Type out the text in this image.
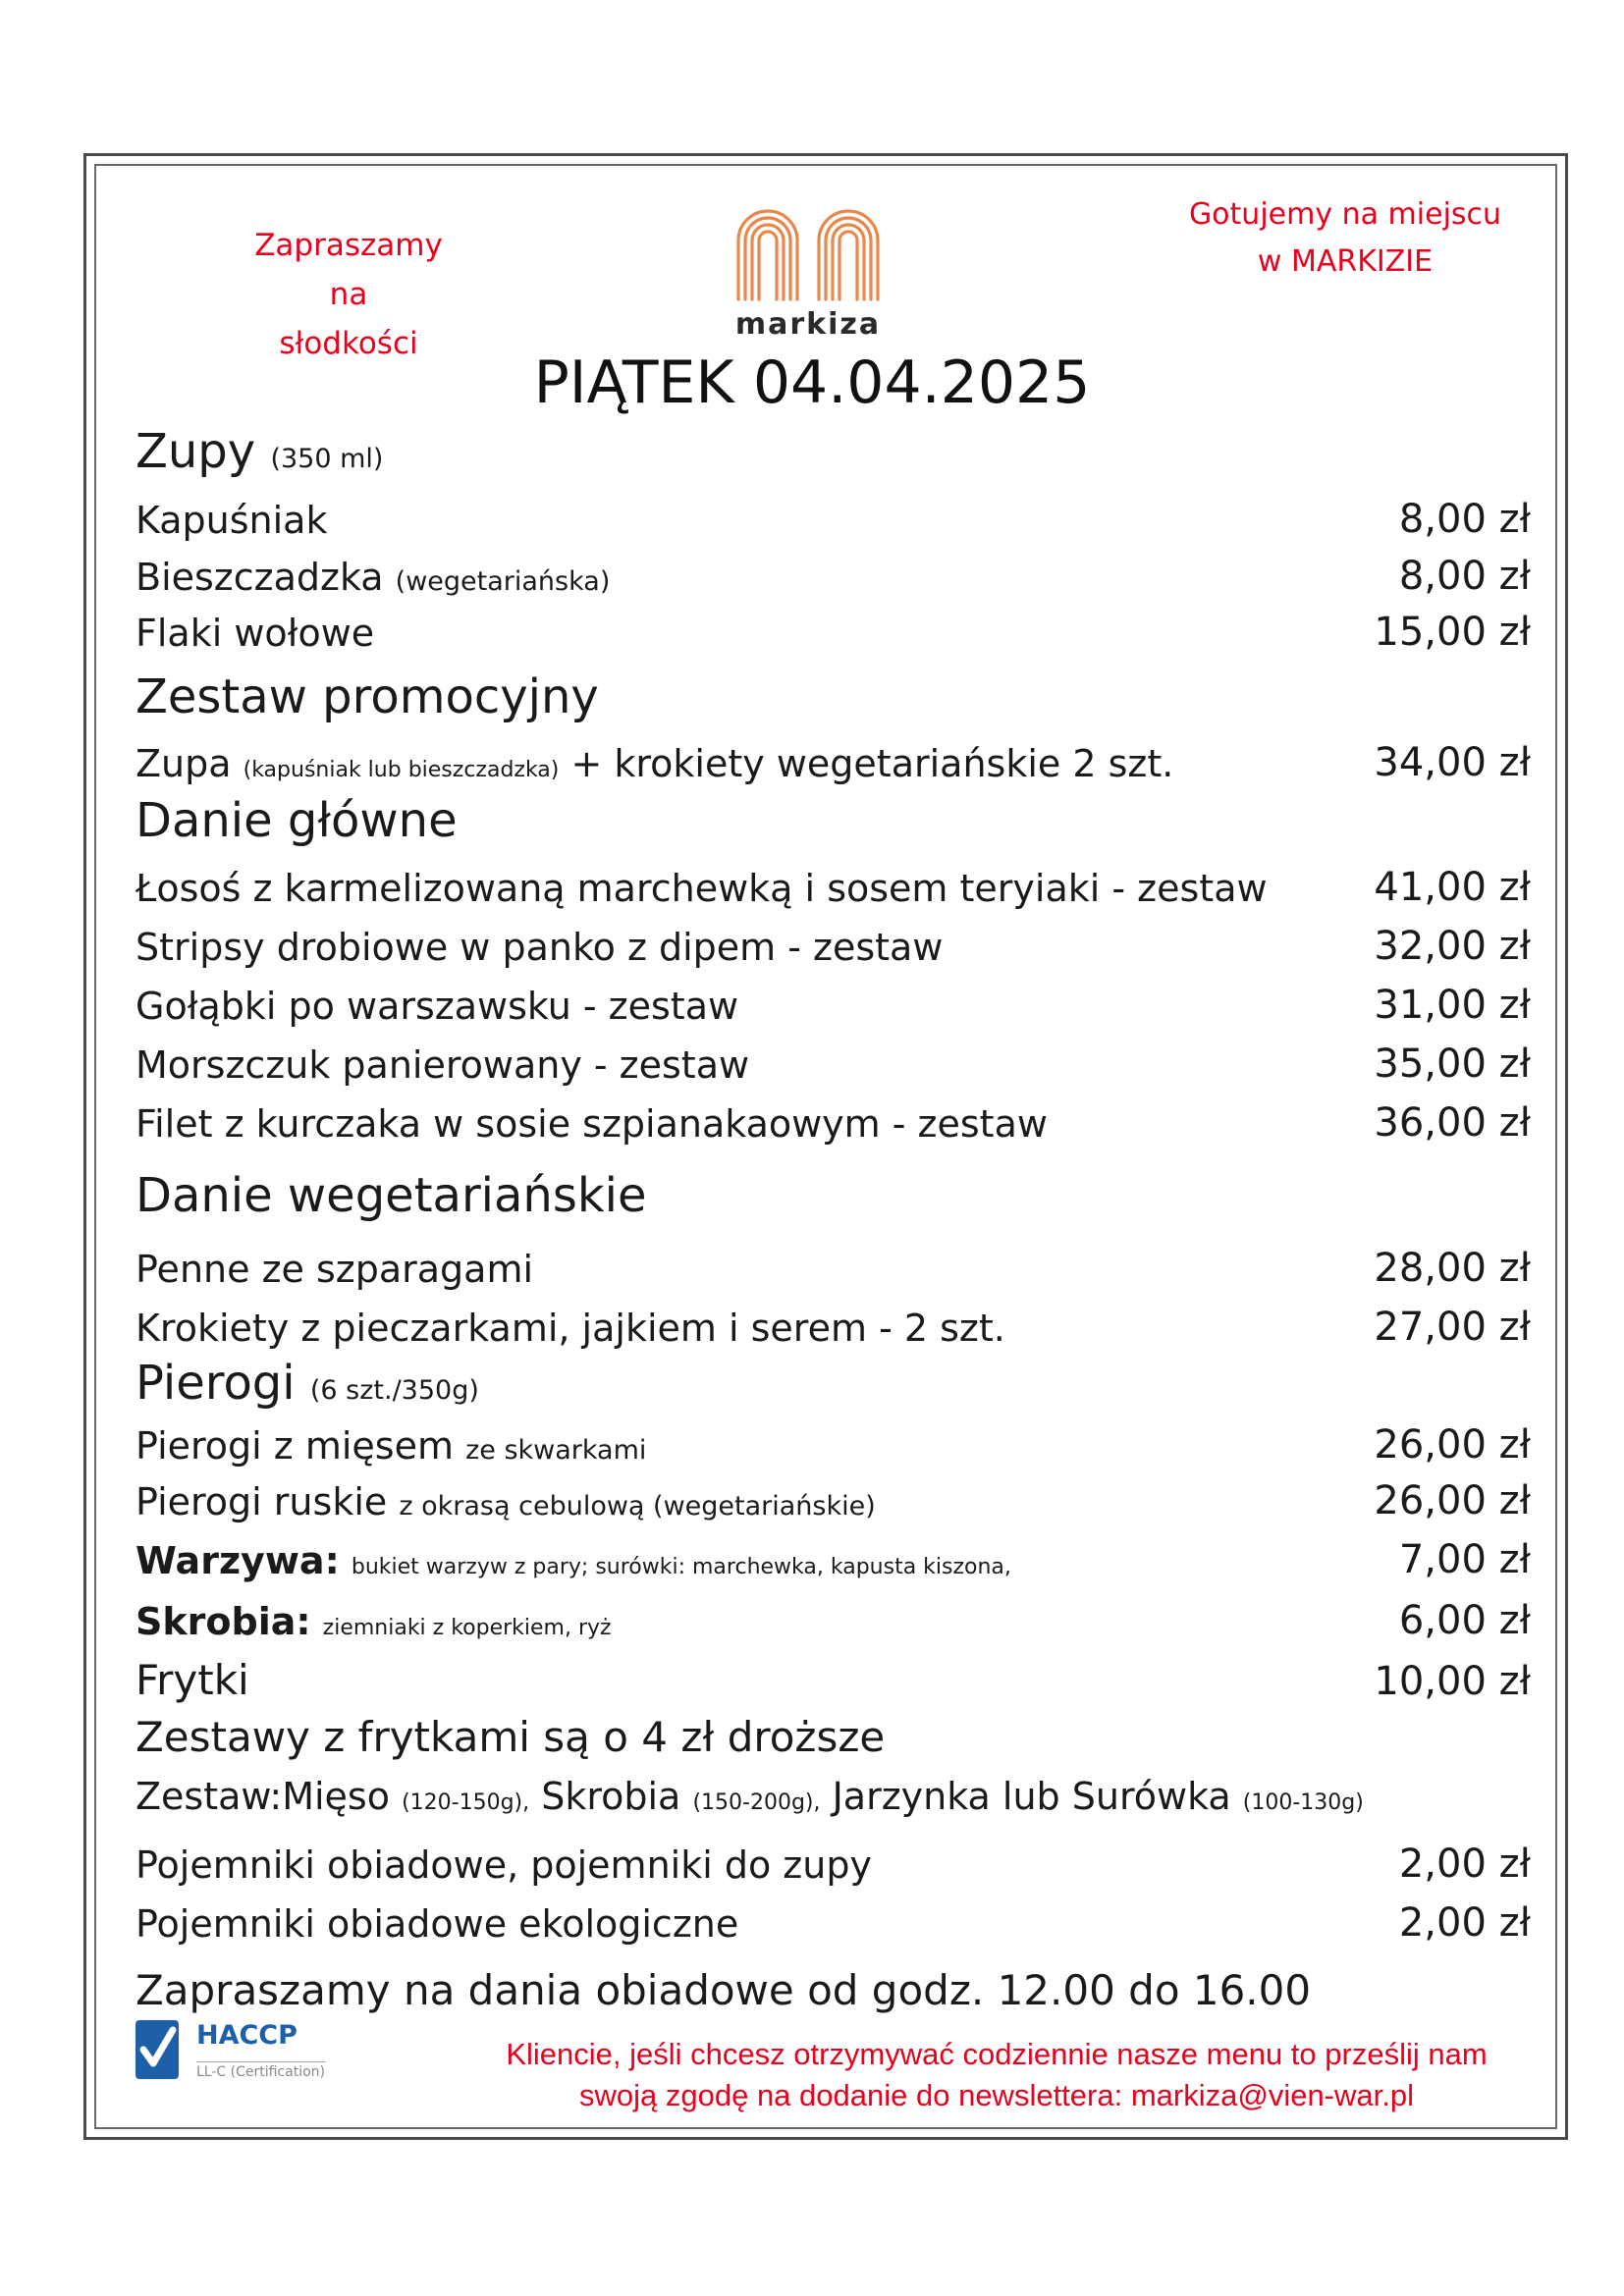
Zapraszamy na
słodkości
markiza
Gotujemy na miejscu
w MARKIZIE
PIĄTEK 04.04.2025
Zupy (350 ml)
Kapuśniak	8,00 zł
Bieszczadzka (wegetariańska)	8,00 zł
Flaki wołowe	15,00 zł
Zestaw promocyjny
Zupa (kapuśniak lub bieszczadzka) + krokiety wegetariańskie 2 szt.	34,00 zł
Danie główne
Łosoś z karmelizowaną marchewką i sosem teryiaki - zestaw	41,00 zł
Stripsy drobiowe w panko z dipem - zestaw	32,00 zł
Gołąbki po warszawsku - zestaw	31,00 zł
Morszczuk panierowany - zestaw	35,00 zł
Filet z kurczaka w sosie szpianakaowym - zestaw	36,00 zł
Danie wegetariańskie
Penne ze szparagami	28,00 zł
Krokiety z pieczarkami, jajkiem i serem - 2 szt.	27,00 zł
Pierogi (6 szt./350g)
Pierogi z mięsem ze skwarkami	26,00 zł
Pierogi ruskie z okrasą cebulową (wegetariańskie)	26,00 zł
Warzywa: bukiet warzyw z pary; surówki: marchewka, kapusta kiszona,	7,00 zł
Skrobia: ziemniaki z koperkiem, ryż	6,00 zł
Frytki	10,00 zł
Zestawy z frytkami są o 4 zł droższe
Zestaw:Mięso (120-150g), Skrobia (150-200g), Jarzynka lub Surówka (100-130g)
Pojemniki obiadowe, pojemniki do zupy	2,00 zł
Pojemniki obiadowe ekologiczne	2,00 zł
Zapraszamy na dania obiadowe od godz. 12.00 do 16.00
HACCP
LL-C (Certification)
Kliencie, jeśli chcesz otrzymywać codziennie nasze menu to prześlij nam
swoją zgodę na dodanie do newslettera: markiza@vien-war.pl
